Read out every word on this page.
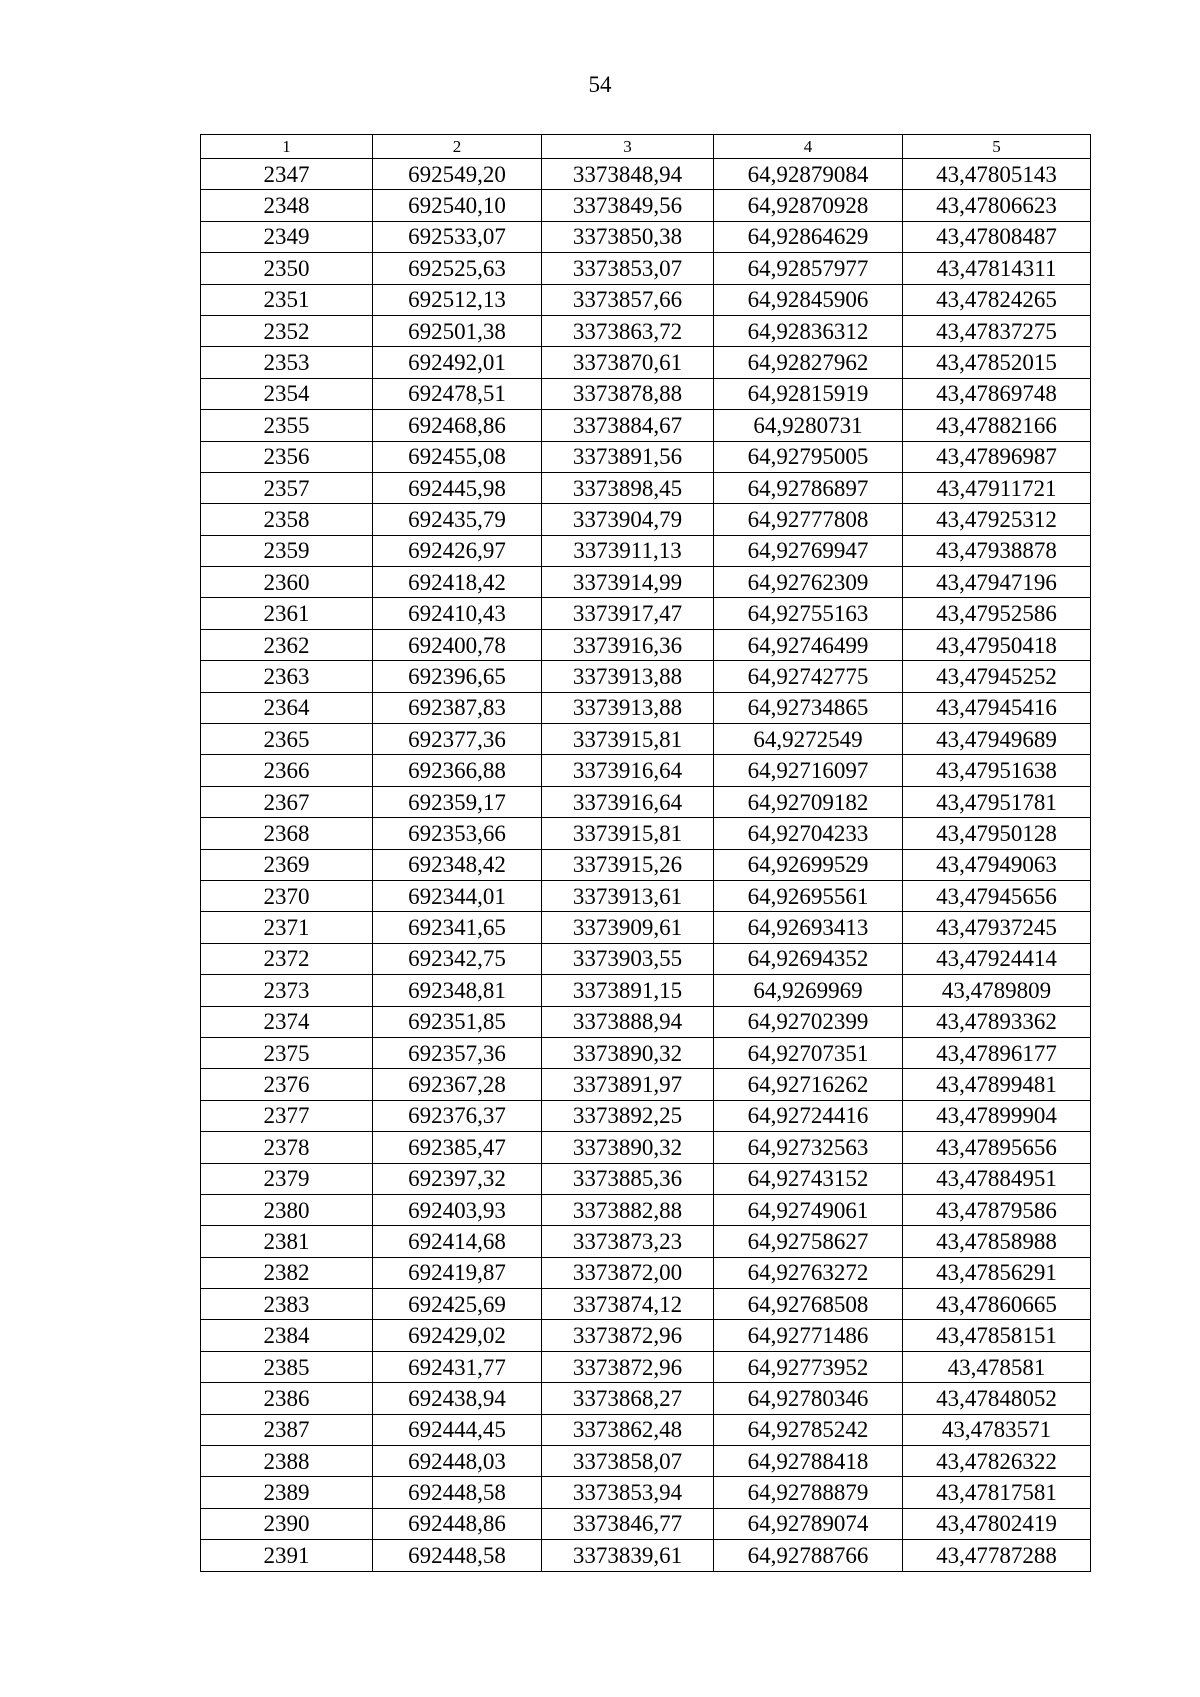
54
1	2	3	4	5
2347	692549,20	3373848,94	64,92879084	43,47805143
2348	692540,10	3373849,56	64,92870928	43,47806623
2349	692533,07	3373850,38	64,92864629	43,47808487
2350	692525,63	3373853,07	64,92857977	43,47814311
2351	692512,13	3373857,66	64,92845906	43,47824265
2352	692501,38	3373863,72	64,92836312	43,47837275
2353	692492,01	3373870,61	64,92827962	43,47852015
2354	692478,51	3373878,88	64,92815919	43,47869748
2355	692468,86	3373884,67	64,9280731	43,47882166
2356	692455,08	3373891,56	64,92795005	43,47896987
2357	692445,98	3373898,45	64,92786897	43,47911721
2358	692435,79	3373904,79	64,92777808	43,47925312
2359	692426,97	3373911,13	64,92769947	43,47938878
2360	692418,42	3373914,99	64,92762309	43,47947196
2361	692410,43	3373917,47	64,92755163	43,47952586
2362	692400,78	3373916,36	64,92746499	43,47950418
2363	692396,65	3373913,88	64,92742775	43,47945252
2364	692387,83	3373913,88	64,92734865	43,47945416
2365	692377,36	3373915,81	64,9272549	43,47949689
2366	692366,88	3373916,64	64,92716097	43,47951638
2367	692359,17	3373916,64	64,92709182	43,47951781
2368	692353,66	3373915,81	64,92704233	43,47950128
2369	692348,42	3373915,26	64,92699529	43,47949063
2370	692344,01	3373913,61	64,92695561	43,47945656
2371	692341,65	3373909,61	64,92693413	43,47937245
2372	692342,75	3373903,55	64,92694352	43,47924414
2373	692348,81	3373891,15	64,9269969	43,4789809
2374	692351,85	3373888,94	64,92702399	43,47893362
2375	692357,36	3373890,32	64,92707351	43,47896177
2376	692367,28	3373891,97	64,92716262	43,47899481
2377	692376,37	3373892,25	64,92724416	43,47899904
2378	692385,47	3373890,32	64,92732563	43,47895656
2379	692397,32	3373885,36	64,92743152	43,47884951
2380	692403,93	3373882,88	64,92749061	43,47879586
2381	692414,68	3373873,23	64,92758627	43,47858988
2382	692419,87	3373872,00	64,92763272	43,47856291
2383	692425,69	3373874,12	64,92768508	43,47860665
2384	692429,02	3373872,96	64,92771486	43,47858151
2385	692431,77	3373872,96	64,92773952	43,478581
2386	692438,94	3373868,27	64,92780346	43,47848052
2387	692444,45	3373862,48	64,92785242	43,4783571
2388	692448,03	3373858,07	64,92788418	43,47826322
2389	692448,58	3373853,94	64,92788879	43,47817581
2390	692448,86	3373846,77	64,92789074	43,47802419
2391	692448,58	3373839,61	64,92788766	43,47787288
